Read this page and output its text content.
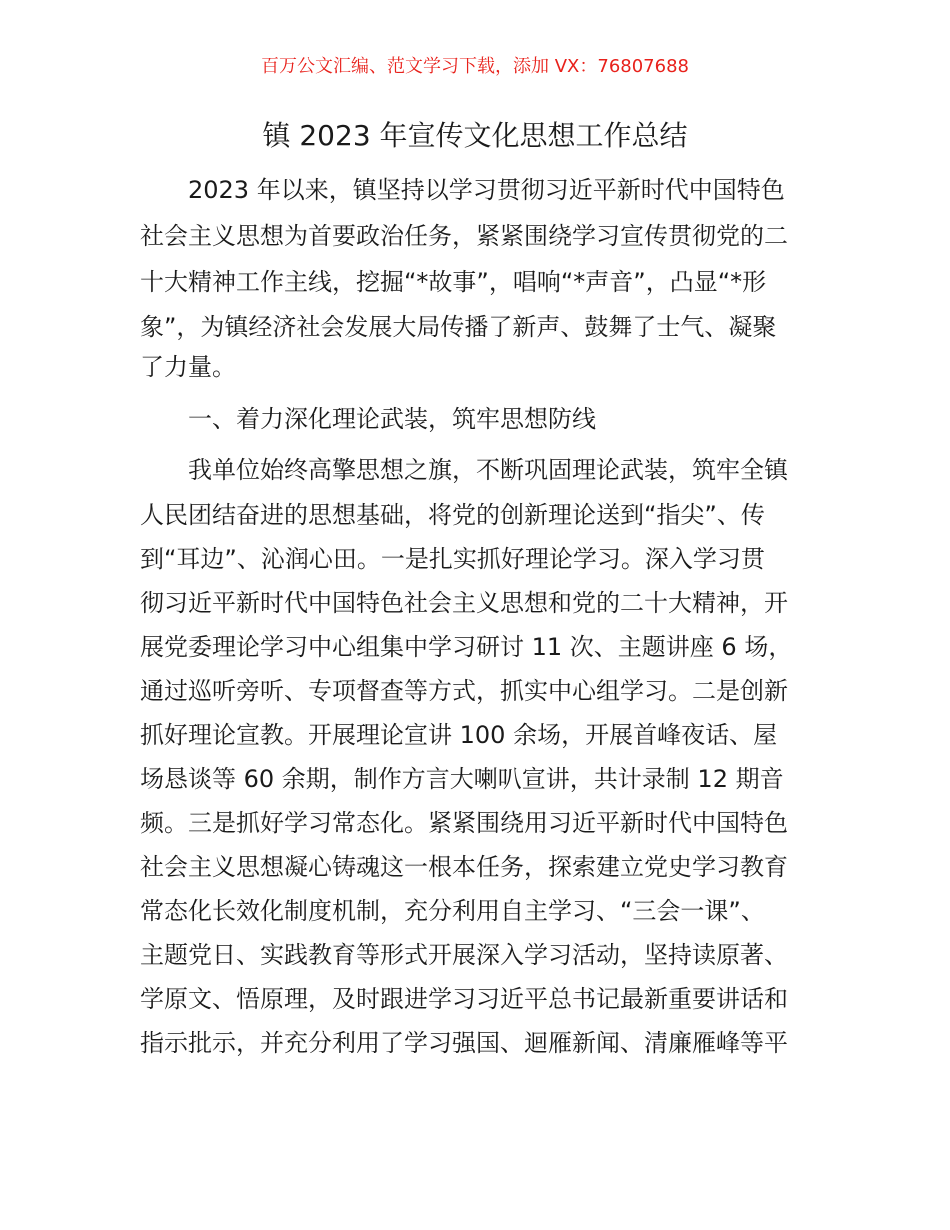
百万公文汇编、范文学习下载，添加 VX：76807688
镇 2023 年宣传文化思想工作总结
2023 年以来，镇坚持以学习贯彻习近平新时代中国特色
社会主义思想为首要政治任务，紧紧围绕学习宣传贯彻党的二
十大精神工作主线，挖掘“*故事”，唱响“*声音”，凸显“*形
象”，为镇经济社会发展大局传播了新声、鼓舞了士气、凝聚
了力量。
一、着力深化理论武装，筑牢思想防线
我单位始终高擎思想之旗，不断巩固理论武装，筑牢全镇
人民团结奋进的思想基础，将党的创新理论送到“指尖”、传
到“耳边”、沁润心田。一是扎实抓好理论学习。深入学习贯
彻习近平新时代中国特色社会主义思想和党的二十大精神，开
展党委理论学习中心组集中学习研讨 11 次、主题讲座 6 场，
通过巡听旁听、专项督查等方式，抓实中心组学习。二是创新
抓好理论宣教。开展理论宣讲 100 余场，开展首峰夜话、屋
场恳谈等 60 余期，制作方言大喇叭宣讲，共计录制 12 期音
频。三是抓好学习常态化。紧紧围绕用习近平新时代中国特色
社会主义思想凝心铸魂这一根本任务，探索建立党史学习教育
常态化长效化制度机制，充分利用自主学习、“三会一课”、
主题党日、实践教育等形式开展深入学习活动，坚持读原著、
学原文、悟原理，及时跟进学习习近平总书记最新重要讲话和
指示批示，并充分利用了学习强国、迴雁新闻、清廉雁峰等平
